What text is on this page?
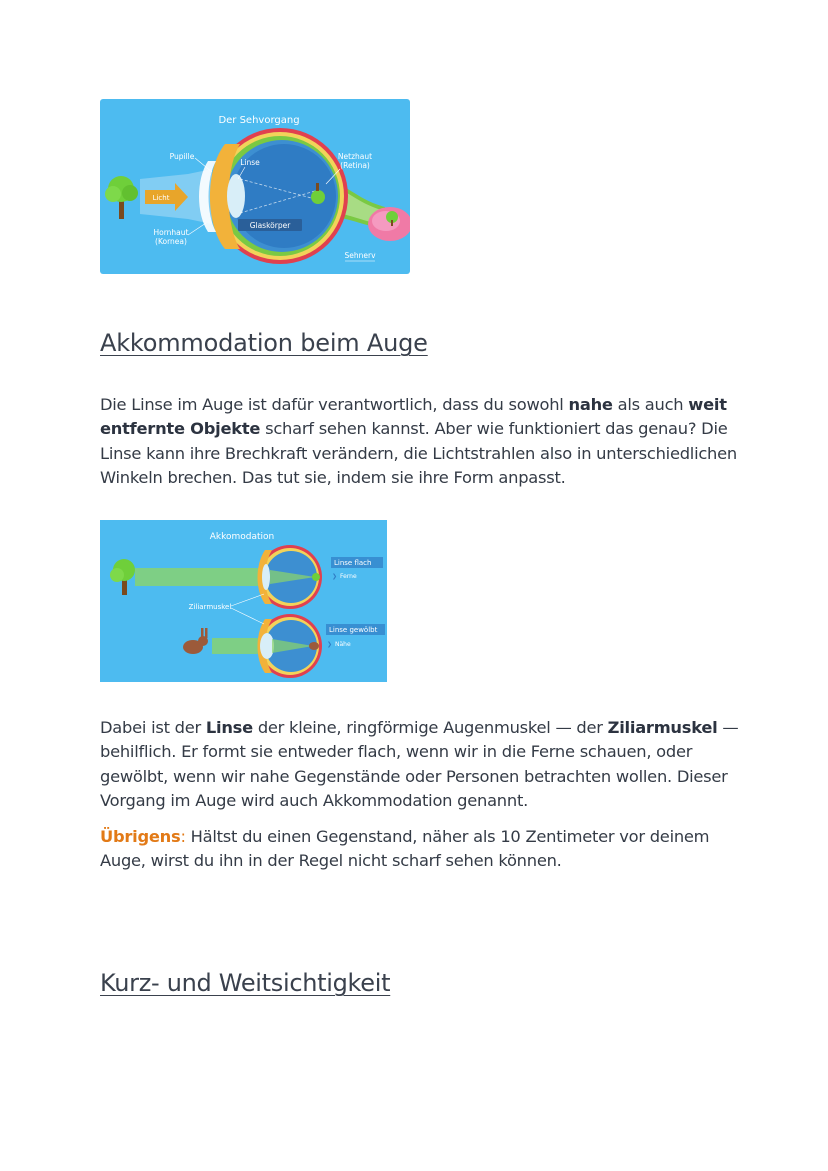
Der Sehvorgang
Licht
Pupille
Linse
Netzhaut
(Retina)
Hornhaut
(Kornea)
Glaskörper
Sehnerv
Akkommodation beim Auge

Die Linse im Auge ist dafür verantwortlich, dass du sowohl nahe als auch weit entfernte Objekte scharf sehen kannst. Aber wie funktioniert das genau? Die Linse kann ihre Brechkraft verändern, die Lichtstrahlen also in unterschiedlichen Winkeln brechen. Das tut sie, indem sie ihre Form anpasst.

Akkomodation
Linse flach
❯ Ferne
Ziliarmuskel
Linse gewölbt
❯ Nähe

Dabei ist der Linse der kleine, ringförmige Augenmuskel — der Ziliarmuskel — behilflich. Er formt sie entweder flach, wenn wir in die Ferne schauen, oder gewölbt, wenn wir nahe Gegenstände oder Personen betrachten wollen. Dieser Vorgang im Auge wird auch Akkommodation genannt.

Übrigens: Hältst du einen Gegenstand, näher als 10 Zentimeter vor deinem Auge, wirst du ihn in der Regel nicht scharf sehen können.

Kurz- und Weitsichtigkeit
